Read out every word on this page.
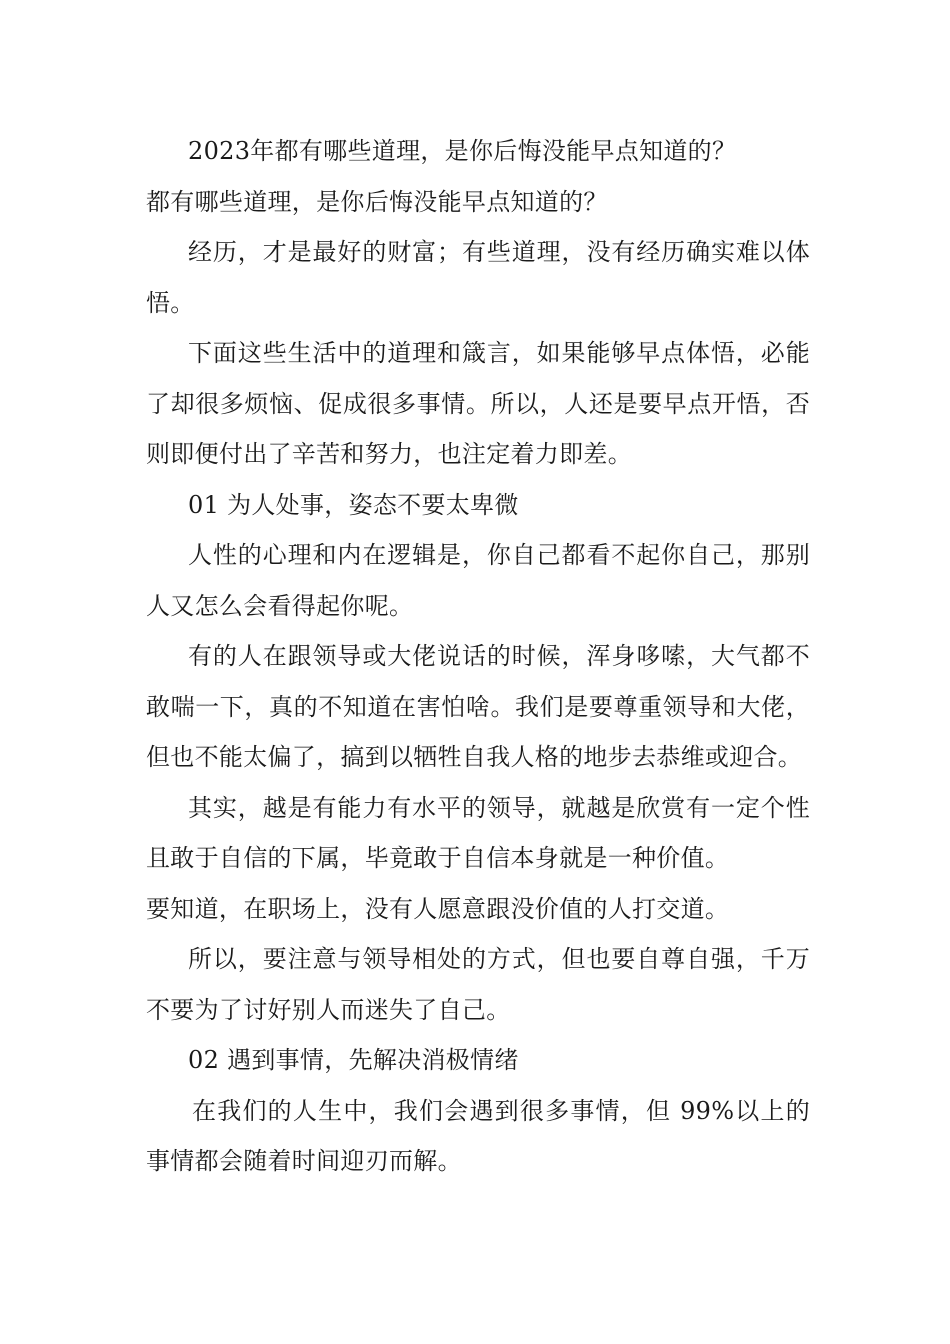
2023年都有哪些道理，是你后悔没能早点知道的？

都有哪些道理，是你后悔没能早点知道的？

经历，才是最好的财富；有些道理，没有经历确实难以体悟。

下面这些生活中的道理和箴言，如果能够早点体悟，必能了却很多烦恼、促成很多事情。所以，人还是要早点开悟，否则即便付出了辛苦和努力，也注定着力即差。

01 为人处事，姿态不要太卑微

人性的心理和内在逻辑是，你自己都看不起你自己，那别人又怎么会看得起你呢。

有的人在跟领导或大佬说话的时候，浑身哆嗦，大气都不敢喘一下，真的不知道在害怕啥。我们是要尊重领导和大佬，但也不能太偏了，搞到以牺牲自我人格的地步去恭维或迎合。

其实，越是有能力有水平的领导，就越是欣赏有一定个性且敢于自信的下属，毕竟敢于自信本身就是一种价值。

要知道，在职场上，没有人愿意跟没价值的人打交道。

所以，要注意与领导相处的方式，但也要自尊自强，千万不要为了讨好别人而迷失了自己。

02 遇到事情，先解决消极情绪

在我们的人生中，我们会遇到很多事情，但 99%以上的事情都会随着时间迎刃而解。
